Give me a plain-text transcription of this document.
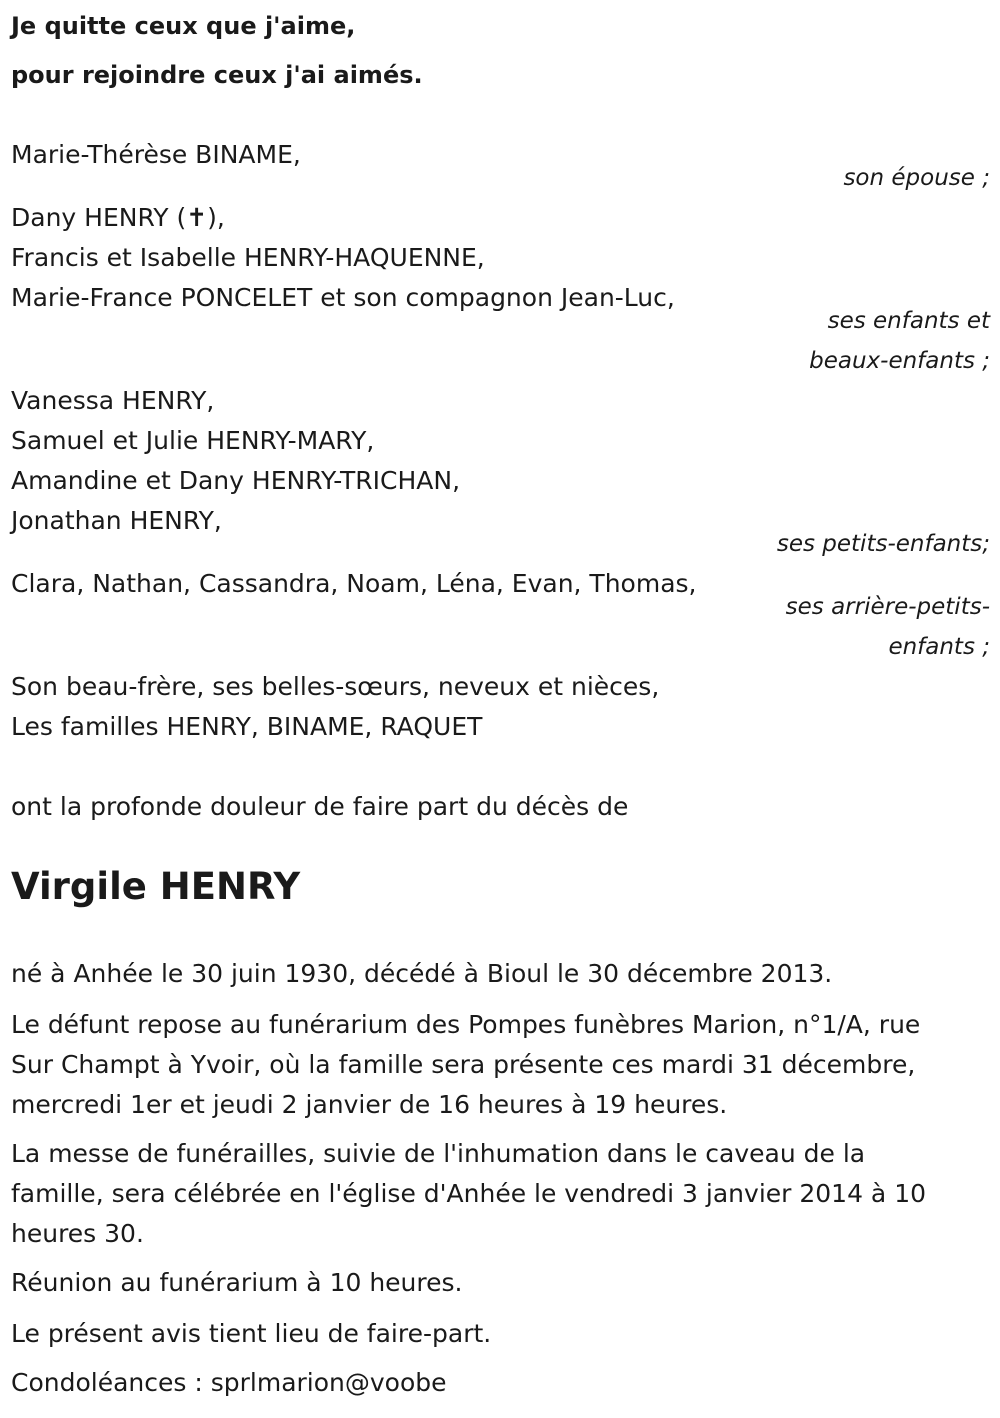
Je quitte ceux que j'aime,
pour rejoindre ceux j'ai aimés.
Marie-Thérèse BINAME,
son épouse ;
Dany HENRY (✝),
Francis et Isabelle HENRY-HAQUENNE,
Marie-France PONCELET et son compagnon Jean-Luc,
ses enfants et
beaux-enfants ;
Vanessa HENRY,
Samuel et Julie HENRY-MARY,
Amandine et Dany HENRY-TRICHAN,
Jonathan HENRY,
ses petits-enfants;
Clara, Nathan, Cassandra, Noam, Léna, Evan, Thomas,
ses arrière-petits-
enfants ;
Son beau-frère, ses belles-sœurs, neveux et nièces,
Les familles HENRY, BINAME, RAQUET
ont la profonde douleur de faire part du décès de
Virgile HENRY
né à Anhée le 30 juin 1930, décédé à Bioul le 30 décembre 2013.
Le défunt repose au funérarium des Pompes funèbres Marion, n°1/A, rue
Sur Champt à Yvoir, où la famille sera présente ces mardi 31 décembre,
mercredi 1er et jeudi 2 janvier de 16 heures à 19 heures.
La messe de funérailles, suivie de l'inhumation dans le caveau de la
famille, sera célébrée en l'église d'Anhée le vendredi 3 janvier 2014 à 10
heures 30.
Réunion au funérarium à 10 heures.
Le présent avis tient lieu de faire-part.
Condoléances : sprlmarion@voobe
